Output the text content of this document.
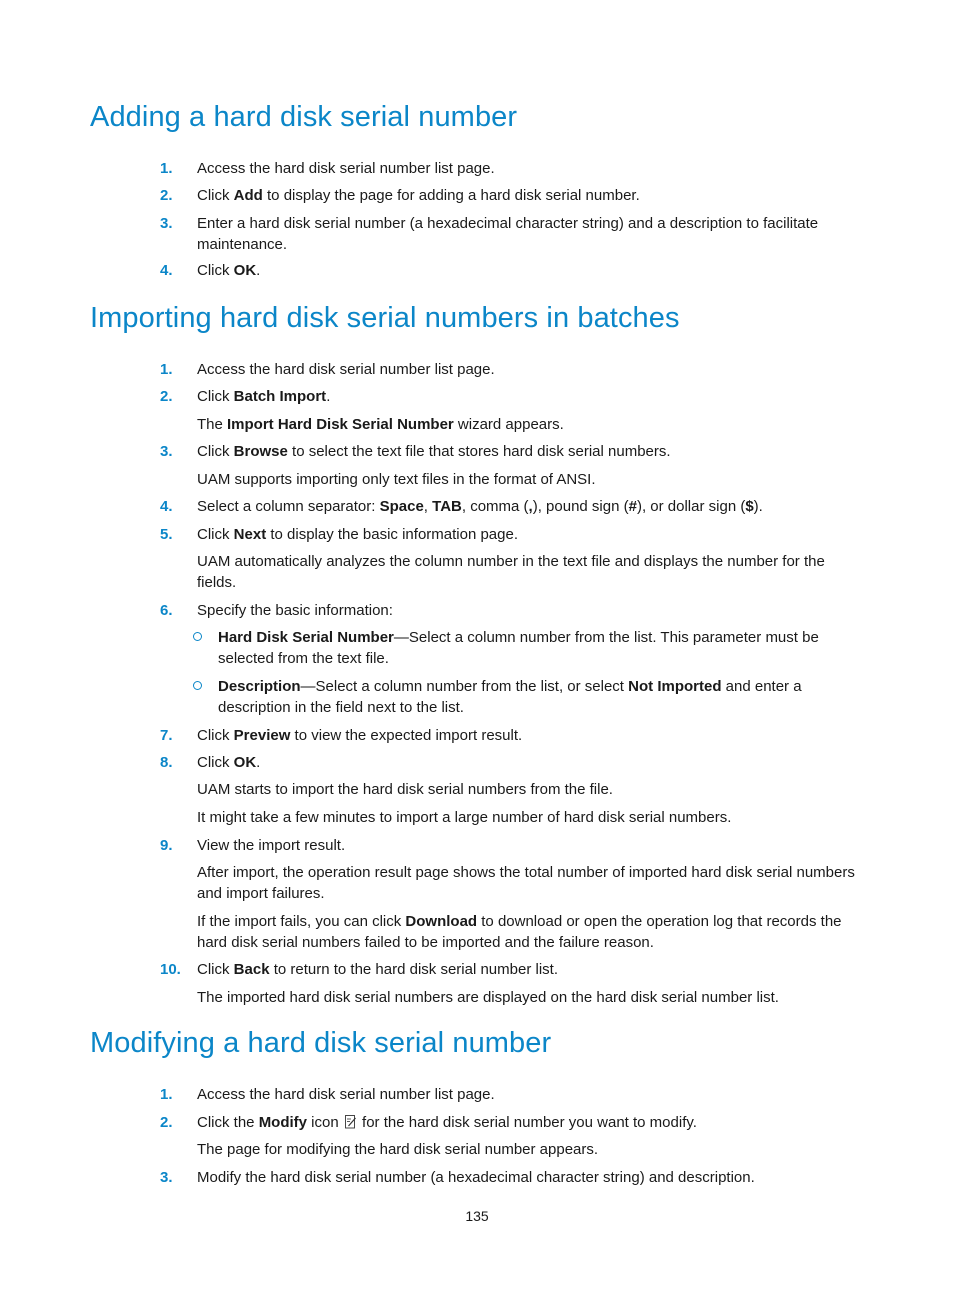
Adding a hard disk serial number
1.	Access the hard disk serial number list page.
2.	Click Add to display the page for adding a hard disk serial number.
3.	Enter a hard disk serial number (a hexadecimal character string) and a description to facilitate maintenance.
4.	Click OK.
Importing hard disk serial numbers in batches
1.	Access the hard disk serial number list page.
2.	Click Batch Import.
The Import Hard Disk Serial Number wizard appears.
3.	Click Browse to select the text file that stores hard disk serial numbers.
UAM supports importing only text files in the format of ANSI.
4.	Select a column separator: Space, TAB, comma (,), pound sign (#), or dollar sign ($).
5.	Click Next to display the basic information page.
UAM automatically analyzes the column number in the text file and displays the number for the fields.
6.	Specify the basic information:
Hard Disk Serial Number—Select a column number from the list. This parameter must be selected from the text file.
Description—Select a column number from the list, or select Not Imported and enter a description in the field next to the list.
7.	Click Preview to view the expected import result.
8.	Click OK.
UAM starts to import the hard disk serial numbers from the file.
It might take a few minutes to import a large number of hard disk serial numbers.
9.	View the import result.
After import, the operation result page shows the total number of imported hard disk serial numbers and import failures.
If the import fails, you can click Download to download or open the operation log that records the hard disk serial numbers failed to be imported and the failure reason.
10.	Click Back to return to the hard disk serial number list.
The imported hard disk serial numbers are displayed on the hard disk serial number list.
Modifying a hard disk serial number
1.	Access the hard disk serial number list page.
2.	Click the Modify icon  for the hard disk serial number you want to modify.
The page for modifying the hard disk serial number appears.
3.	Modify the hard disk serial number (a hexadecimal character string) and description.
135
